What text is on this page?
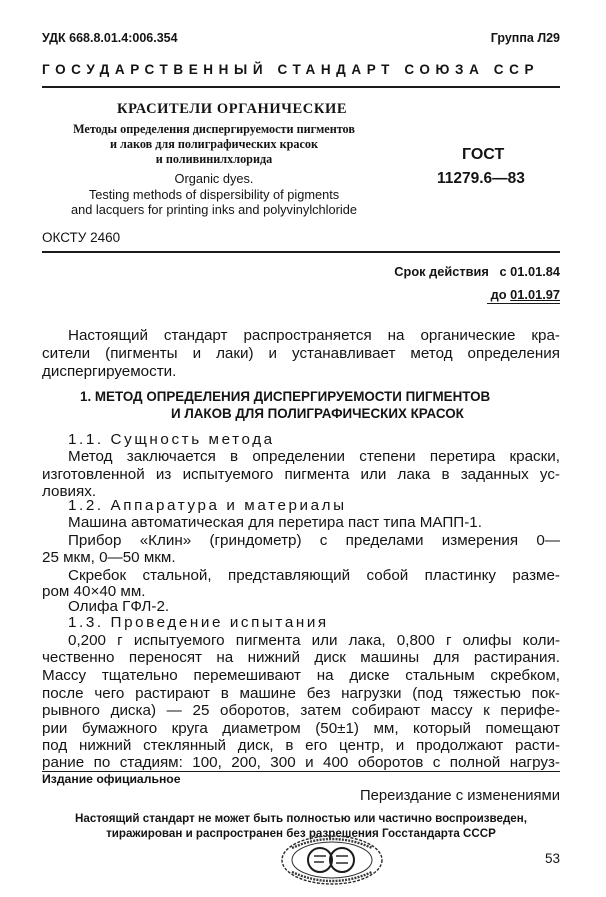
УДК 668.8.01.4:006.354	Группа Л29
ГОСУДАРСТВЕННЫЙ СТАНДАРТ СОЮЗА ССР
КРАСИТЕЛИ ОРГАНИЧЕСКИЕ
Методы определения диспергируемости пигментов
и лаков для полиграфических красок
и поливинилхлорида
Organic dyes.
Testing methods of dispersibility of pigments
and lacquers for printing inks and polyvinylchloride
ГОСТ
11279.6—83
ОКСТУ 2460
Срок действия с 01.01.84
до 01.01.97
Настоящий стандарт распространяется на органические кра-
сители (пигменты и лаки) и устанавливает метод определения
диспергируемости.
1. МЕТОД ОПРЕДЕЛЕНИЯ ДИСПЕРГИРУЕМОСТИ ПИГМЕНТОВ
И ЛАКОВ ДЛЯ ПОЛИГРАФИЧЕСКИХ КРАСОК
1.1. Сущность метода
Метод заключается в определении степени перетира краски,
изготовленной из испытуемого пигмента или лака в заданных ус-
ловиях.
1.2. Аппаратура и материалы
Машина автоматическая для перетира паст типа МАПП-1.
Прибор «Клин» (гриндометр) с пределами измерения 0—
25 мкм, 0—50 мкм.
Скребок стальной, представляющий собой пластинку разме-
ром 40×40 мм.
Олифа ГФЛ-2.
1.3. Проведение испытания
0,200 г испытуемого пигмента или лака, 0,800 г олифы коли-
чественно переносят на нижний диск машины для растирания.
Массу тщательно перемешивают на диске стальным скребком,
после чего растирают в машине без нагрузки (под тяжестью пок-
рывного диска) — 25 оборотов, затем собирают массу к перифе-
рии бумажного круга диаметром (50±1) мм, который помещают
под нижний стеклянный диск, в его центр, и продолжают расти-
рание по стадиям: 100, 200, 300 и 400 оборотов с полной нагруз-
Издание официальное
Переиздание с изменениями
Настоящий стандарт не может быть полностью или частично воспроизведен,
тиражирован и распространен без разрешения Госстандарта СССР
53
